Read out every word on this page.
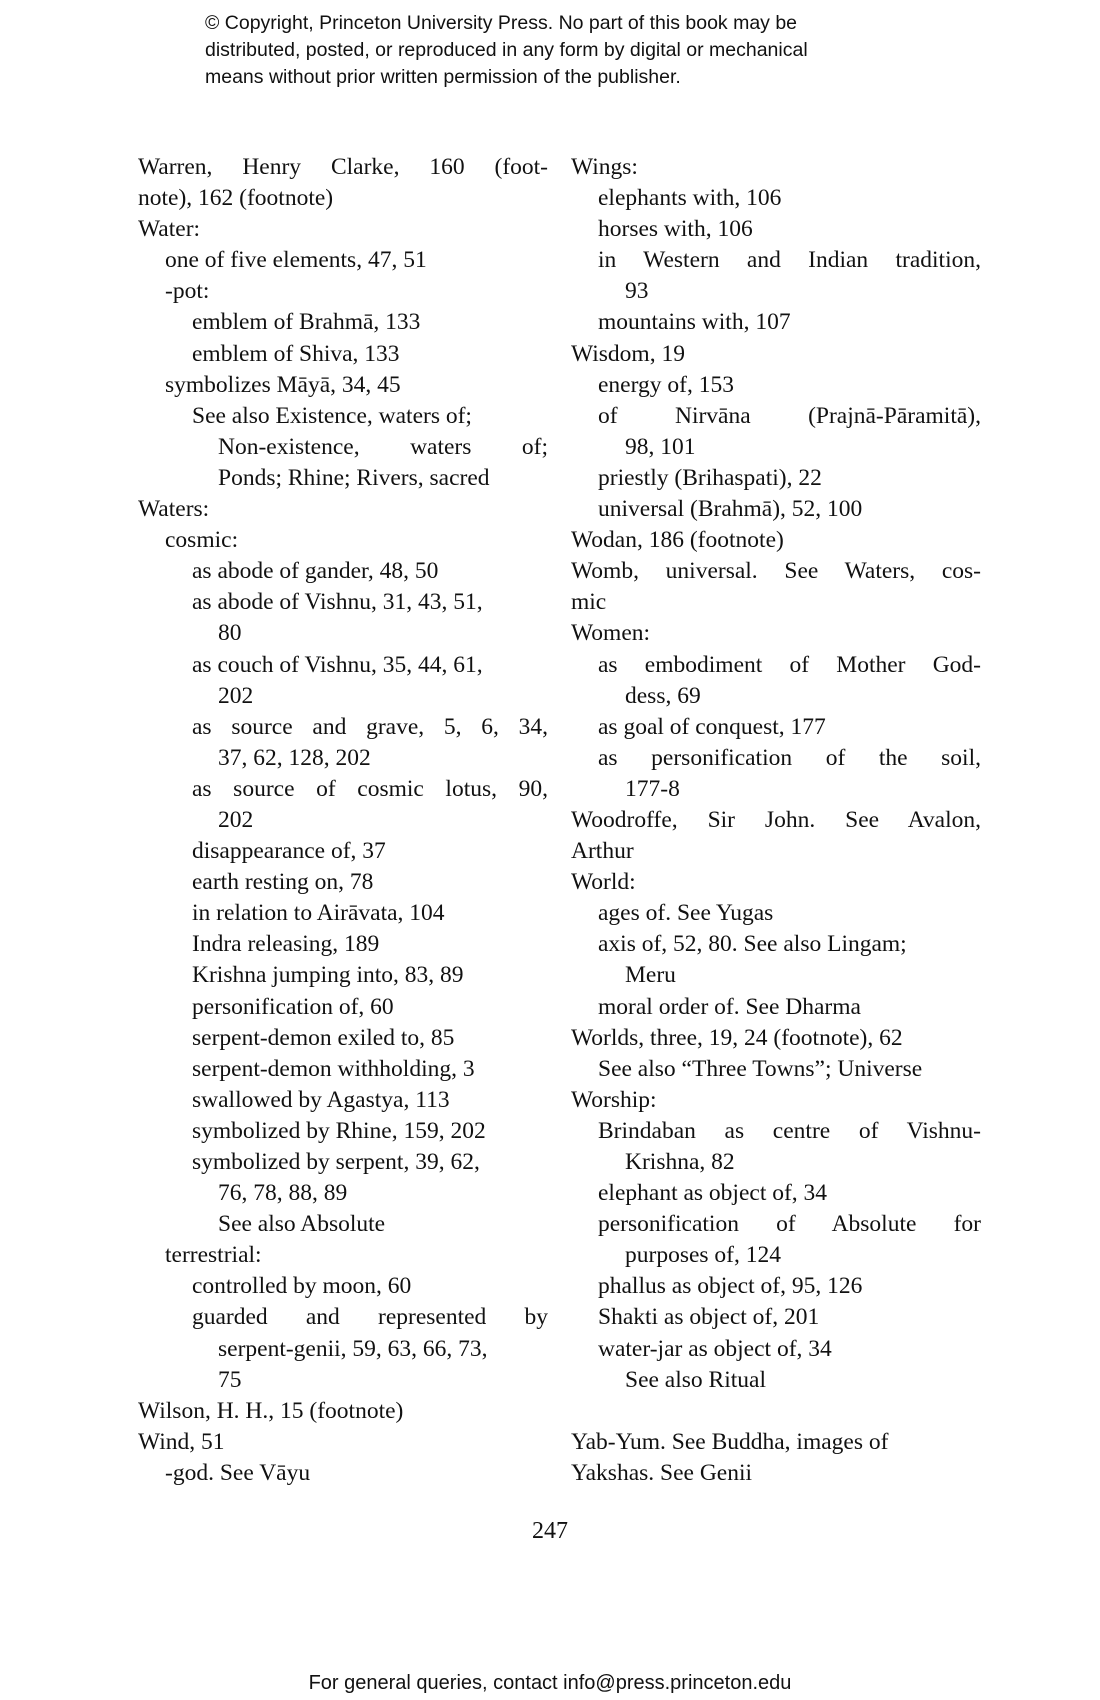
© Copyright, Princeton University Press. No part of this book may be
distributed, posted, or reproduced in any form by digital or mechanical
means without prior written permission of the publisher.
Warren, Henry Clarke, 160 (foot-
note), 162 (footnote)
Water:
one of five elements, 47, 51
-pot:
emblem of Brahmā, 133
emblem of Shiva, 133
symbolizes Māyā, 34, 45
See also Existence, waters of;
Non-existence, waters of;
Ponds; Rhine; Rivers, sacred
Waters:
cosmic:
as abode of gander, 48, 50
as abode of Vishnu, 31, 43, 51,
80
as couch of Vishnu, 35, 44, 61,
202
as source and grave, 5, 6, 34,
37, 62, 128, 202
as source of cosmic lotus, 90,
202
disappearance of, 37
earth resting on, 78
in relation to Airāvata, 104
Indra releasing, 189
Krishna jumping into, 83, 89
personification of, 60
serpent-demon exiled to, 85
serpent-demon withholding, 3
swallowed by Agastya, 113
symbolized by Rhine, 159, 202
symbolized by serpent, 39, 62,
76, 78, 88, 89
See also Absolute
terrestrial:
controlled by moon, 60
guarded and represented by
serpent-genii, 59, 63, 66, 73,
75
Wilson, H. H., 15 (footnote)
Wind, 51
-god. See Vāyu
Wings:
elephants with, 106
horses with, 106
in Western and Indian tradition,
93
mountains with, 107
Wisdom, 19
energy of, 153
of Nirvāna (Prajnā-Pāramitā),
98, 101
priestly (Brihaspati), 22
universal (Brahmā), 52, 100
Wodan, 186 (footnote)
Womb, universal. See Waters, cos-
mic
Women:
as embodiment of Mother God-
dess, 69
as goal of conquest, 177
as personification of the soil,
177-8
Woodroffe, Sir John. See Avalon,
Arthur
World:
ages of. See Yugas
axis of, 52, 80. See also Lingam;
Meru
moral order of. See Dharma
Worlds, three, 19, 24 (footnote), 62
See also “Three Towns”; Universe
Worship:
Brindaban as centre of Vishnu-
Krishna, 82
elephant as object of, 34
personification of Absolute for
purposes of, 124
phallus as object of, 95, 126
Shakti as object of, 201
water-jar as object of, 34
See also Ritual
Yab-Yum. See Buddha, images of
Yakshas. See Genii
247
For general queries, contact info@press.princeton.edu
